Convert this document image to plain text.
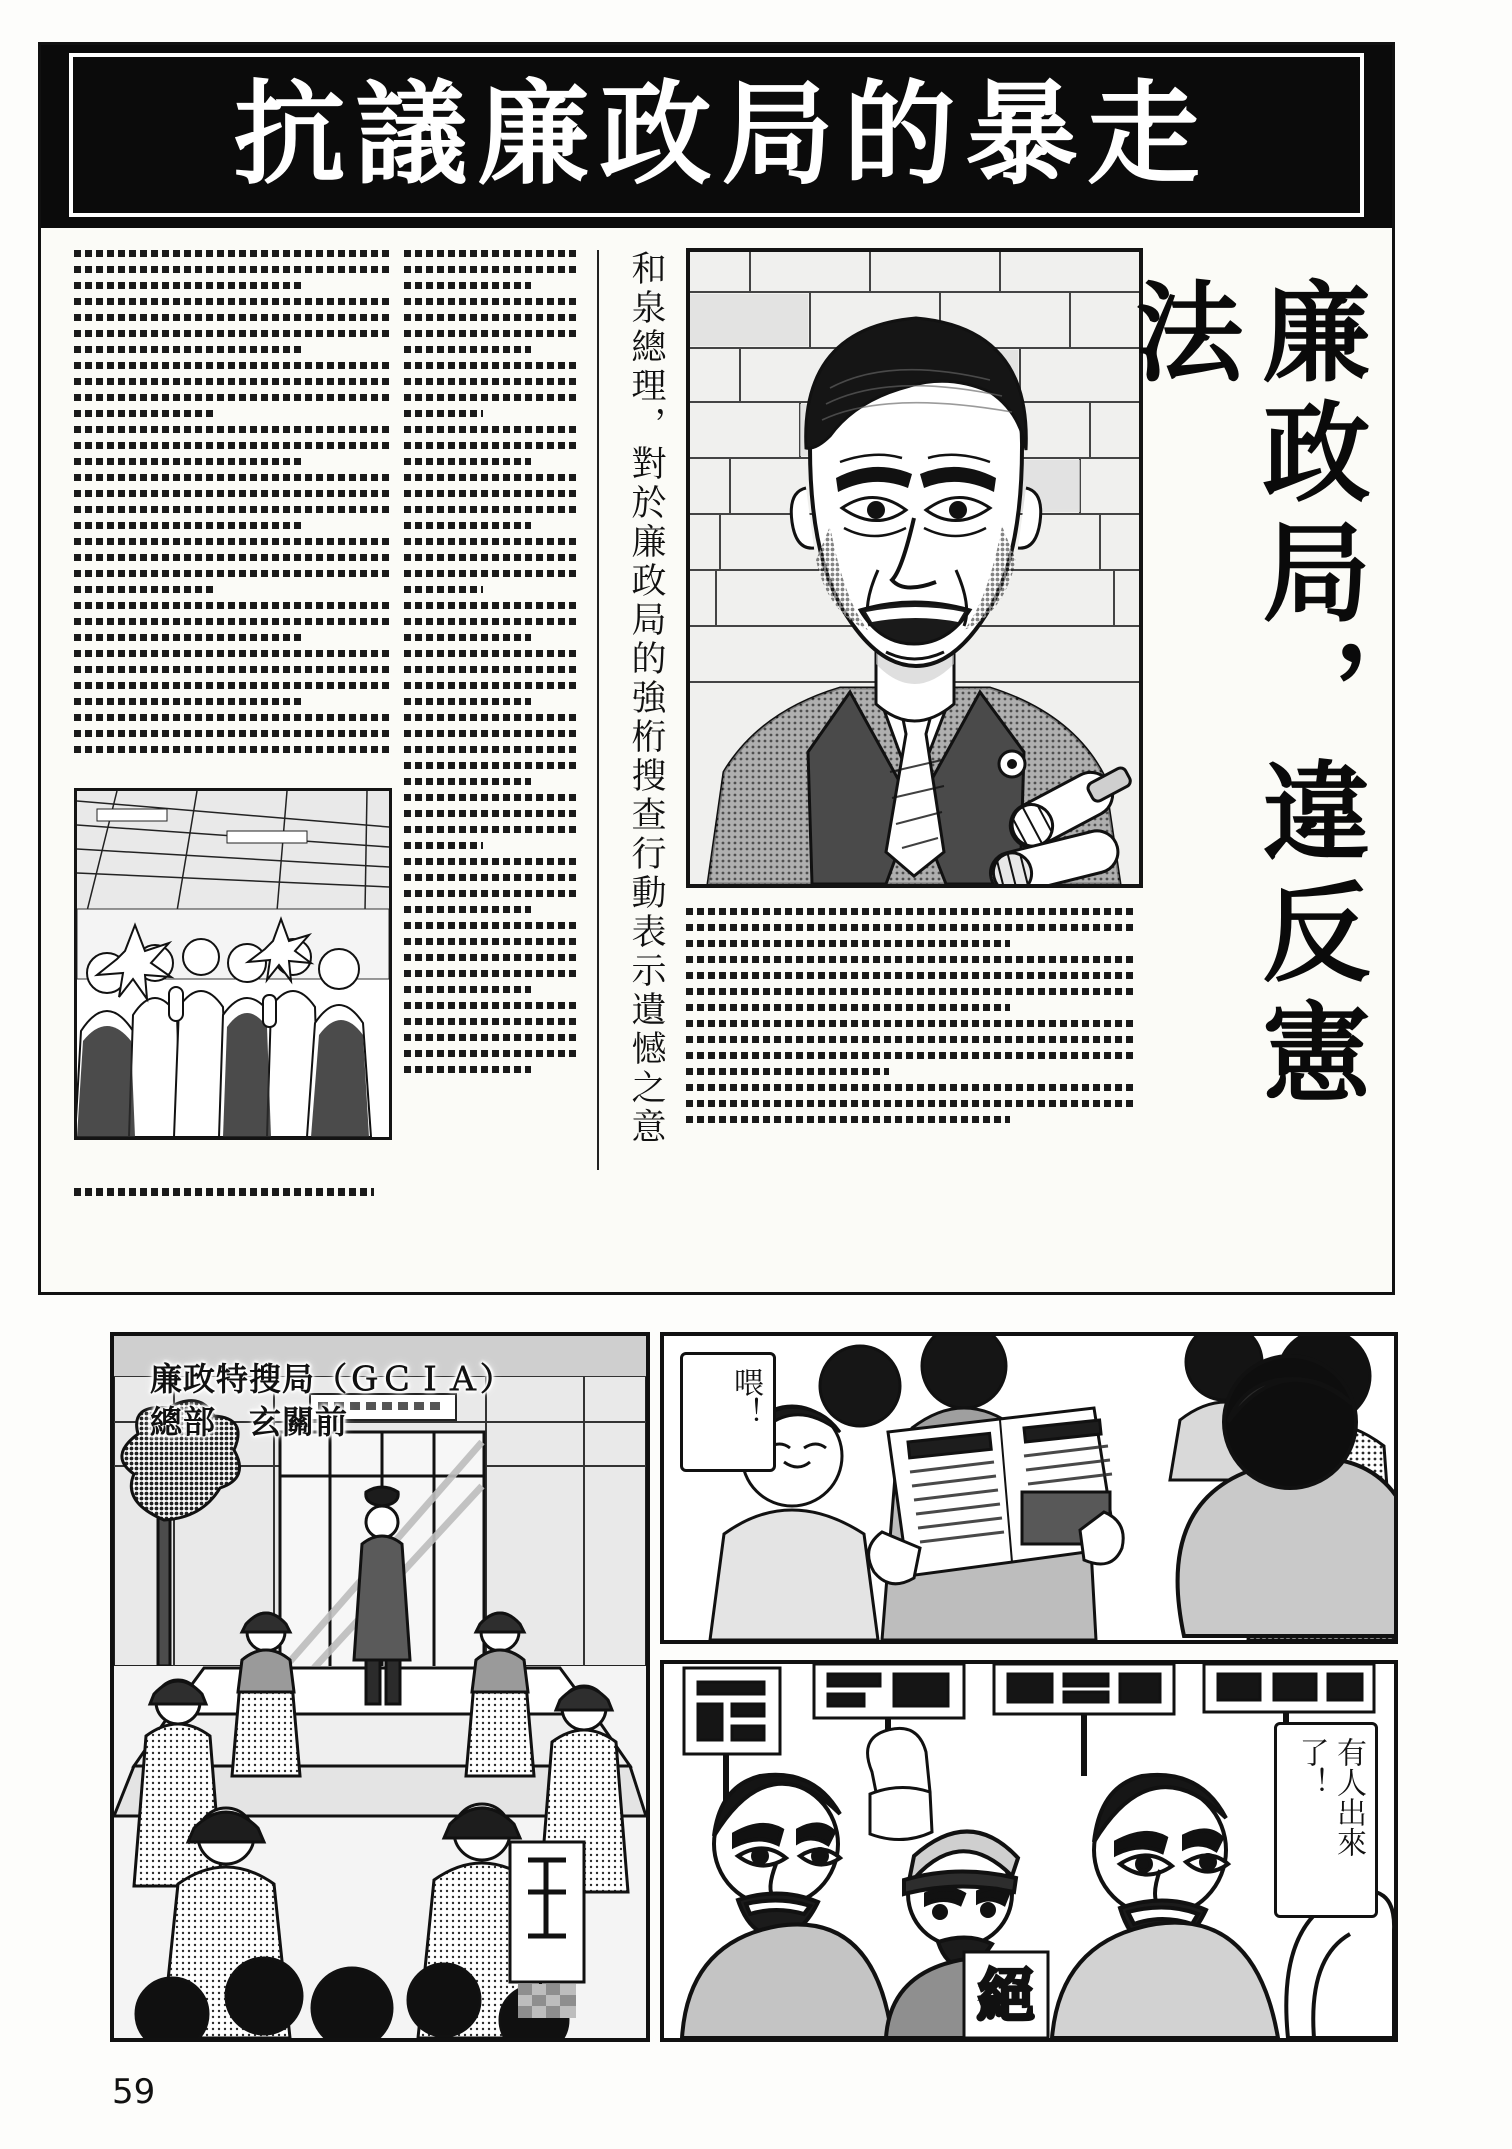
抗議廉政局的暴走
和泉總理，對於廉政局的強桁搜查行動表示遺憾之意	廉政局，違反憲法
廉政特搜局（ＧＣＩＡ）
總部　玄關前	喂！
絕
有人出來了！
59
